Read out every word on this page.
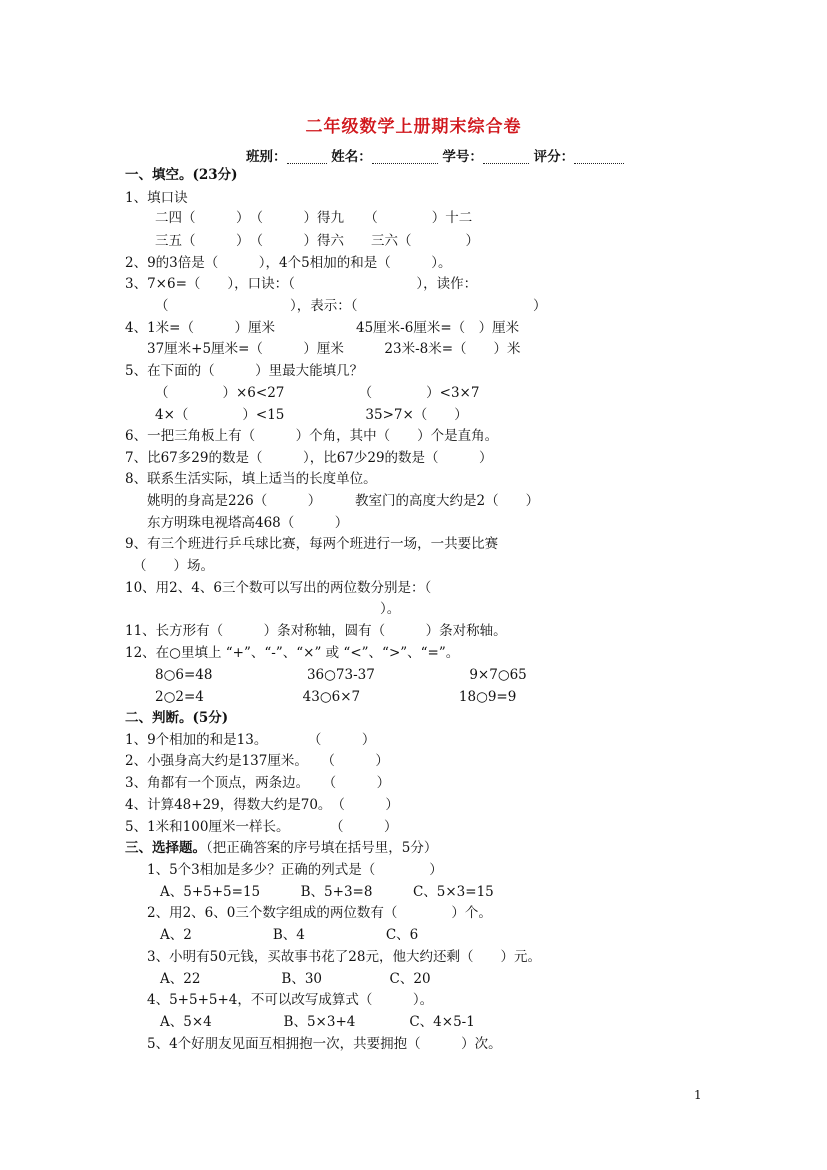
二年级数学上册期末综合卷
班别：	姓名：	学号：	评分：
一、填空。(23分)
1、填口诀
二四（　　　）　（　　　）得九　　（　　　　）十二
三五（　　　）　（　　　）得六　　三六（　　　　）
2、9的3倍是（　　　），4个5相加的和是（　　　）。
3、7×6=（　　），口诀：（　　　　　　　　　），读作：
（　　　　　　　　　），表示：（　　　　　　　　　　　　　）
4、1米=（　　　）厘米　　　　　　45厘米-6厘米=（　）厘米
37厘米+5厘米=（　　　）厘米　　　23米-8米=（　　）米
5、在下面的（　　　）里最大能填几？
（　　　　）×6<27　　　　　　（　　　　）<3×7
4×（　　　　）<15　　　　　　35>7×（　　）
6、一把三角板上有（　　　）个角，其中（　　）个是直角。
7、比67多29的数是（　　　），比67少29的数是（　　　）
8、联系生活实际，填上适当的长度单位。
姚明的身高是226（　　　）　　　教室门的高度大约是2（　　）
东方明珠电视塔高468（　　　）
9、有三个班进行乒乓球比赛，每两个班进行一场，一共要比赛
（　　）场。
10、用2、4、6三个数可以写出的两位数分别是：（
）。
11、长方形有（　　　）条对称轴，圆有（　　　）条对称轴。
12、在○里填上 “+”、“-”、“×” 或 “<”、“>”、“=”。
8○6=48　　　　　　　36○73-37　　　　　　　9×7○65
2○2=4　　　　　　　 43○6×7　　　　　　　 18○9=9
二、判断。(5分)
1、9个相加的和是13。　　　　（　　　）
2、小强身高大约是137厘米。　　（　　　）
3、角都有一个顶点，两条边。　　（　　　）
4、计算48+29，得数大约是70。　（　　　）
5、1米和100厘米一样长。　　　　（　　　）
三、选择题。（把正确答案的序号填在括号里，5分）
1、5个3相加是多少？正确的列式是（　　　　）
A、5+5+5=15　　　B、5+3=8　　　C、5×3=15
2、用2、6、0三个数字组成的两位数有（　　　　）个。
A、2　　　　　　B、4　　　　　　C、6
3、小明有50元钱，买故事书花了28元，他大约还剩（　　）元。
A、22　　　　　　B、30　　　　　C、20
4、5+5+5+4，不可以改写成算式（　　　）。
A、5×4　　　　　 B、5×3+4　　　　C、4×5-1
5、4个好朋友见面互相拥抱一次，共要拥抱（　　　）次。
1
